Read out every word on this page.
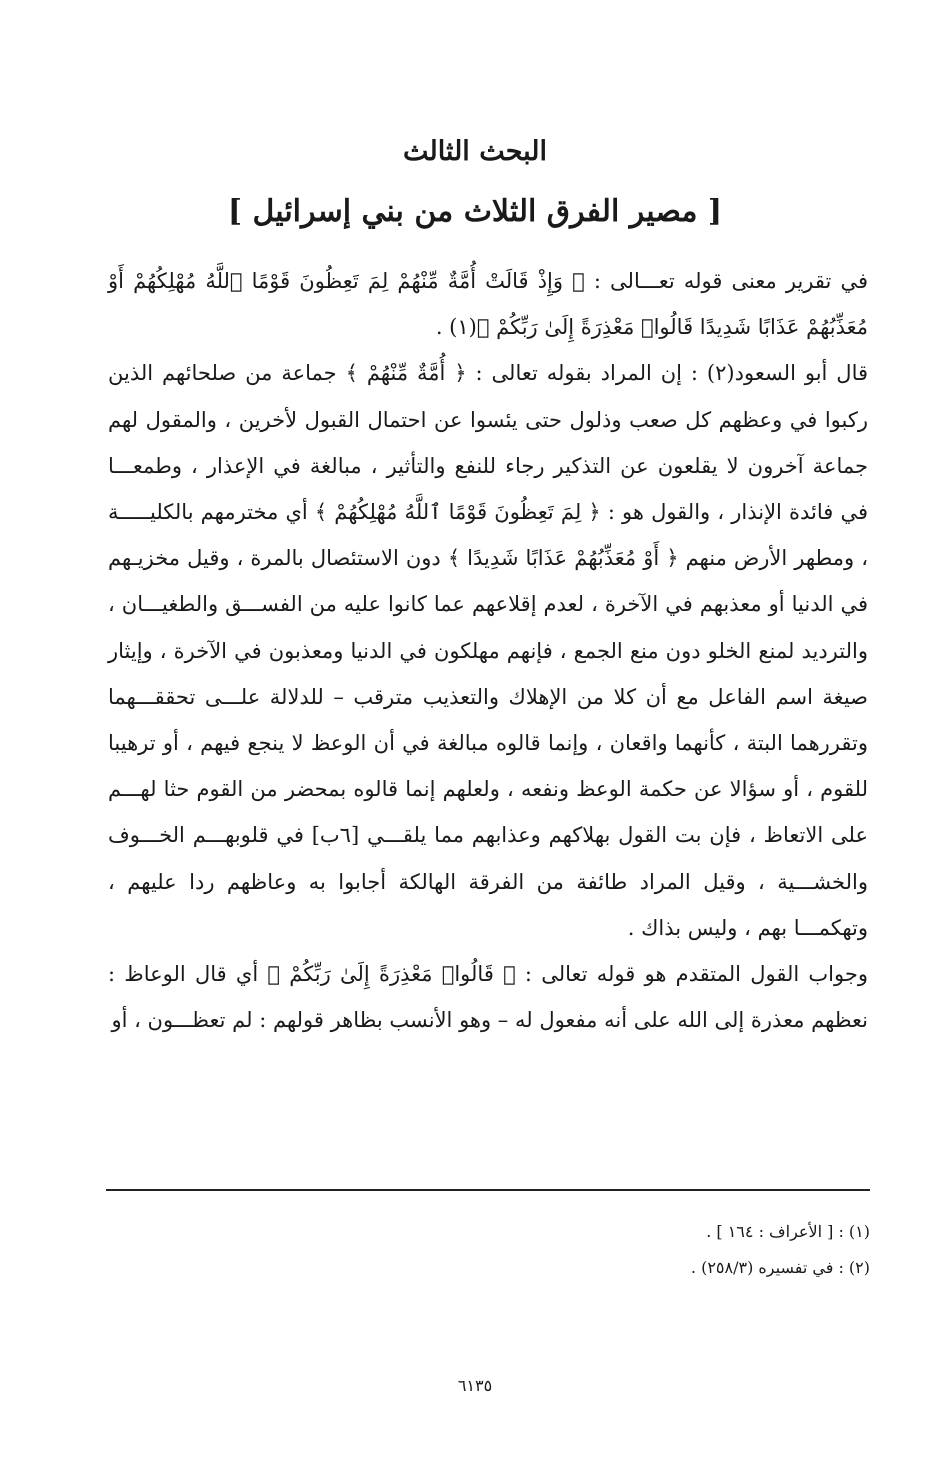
البحث الثالث
[ مصير الفرق الثلاث من بني إسرائيل ]

في تقرير معنى قوله تعـــالى : ﴿ وَإِذْ قَالَتْ أُمَّةٌ مِّنْهُمْ لِمَ تَعِظُونَ قَوْمًا ٱللَّهُ مُهْلِكُهُمْ أَوْ مُعَذِّبُهُمْ عَذَابًا شَدِيدًا قَالُوا۟ مَعْذِرَةً إِلَىٰ رَبِّكُمْ ﴾(١) .

قال أبو السعود(٢) : إن المراد بقوله تعالى : ﴿ أُمَّةٌ مِّنْهُمْ ﴾ جماعة من صلحائهم الذين ركبوا في وعظهم كل صعب وذلول حتى يئسوا عن احتمال القبول لأخرين ، والمقول لهم جماعة آخرون لا يقلعون عن التذكير رجاء للنفع والتأثير ، مبالغة في الإعذار ، وطمعـــا في فائدة الإنذار ، والقول هو : ﴿ لِمَ تَعِظُونَ قَوْمًا ٱللَّهُ مُهْلِكُهُمْ ﴾ أي مخترمهم بالكليـــــة ، ومطهر الأرض منهم ﴿ أَوْ مُعَذِّبُهُمْ عَذَابًا شَدِيدًا ﴾ دون الاستئصال بالمرة ، وقيل مخزيـهم في الدنيا أو معذبهم في الآخرة ، لعدم إقلاعهم عما كانوا عليه من الفســـق والطغيـــان ، والترديد لمنع الخلو دون منع الجمع ، فإنهم مهلكون في الدنيا ومعذبون في الآخرة ، وإيثار صيغة اسم الفاعل مع أن كلا من الإهلاك والتعذيب مترقب – للدلالة علـــى تحققـــهما وتقررهما البتة ، كأنهما واقعان ، وإنما قالوه مبالغة في أن الوعظ لا ينجع فيهم ، أو ترهيبا للقوم ، أو سؤالا عن حكمة الوعظ ونفعه ، ولعلهم إنما قالوه بمحضر من القوم حثا لهـــم على الاتعاظ ، فإن بت القول بهلاكهم وعذابهم مما يلقـــي [٦ب] في قلوبهـــم الخـــوف والخشـــية ، وقيل المراد طائفة من الفرقة الهالكة أجابوا به وعاظهم ردا عليهم ، وتهكمـــا بهم ، وليس بذاك .

وجواب القول المتقدم هو قوله تعالى : ﴿ قَالُوا۟ مَعْذِرَةً إِلَىٰ رَبِّكُمْ ﴾ أي قال الوعاظ : نعظهم معذرة إلى الله على أنه مفعول له – وهو الأنسب بظاهر قولهم : لم تعظـــون ، أو

(١) : [ الأعراف : ١٦٤ ] .
(٢) : في تفسيره (٢٥٨/٣) .
٦١٣٥
